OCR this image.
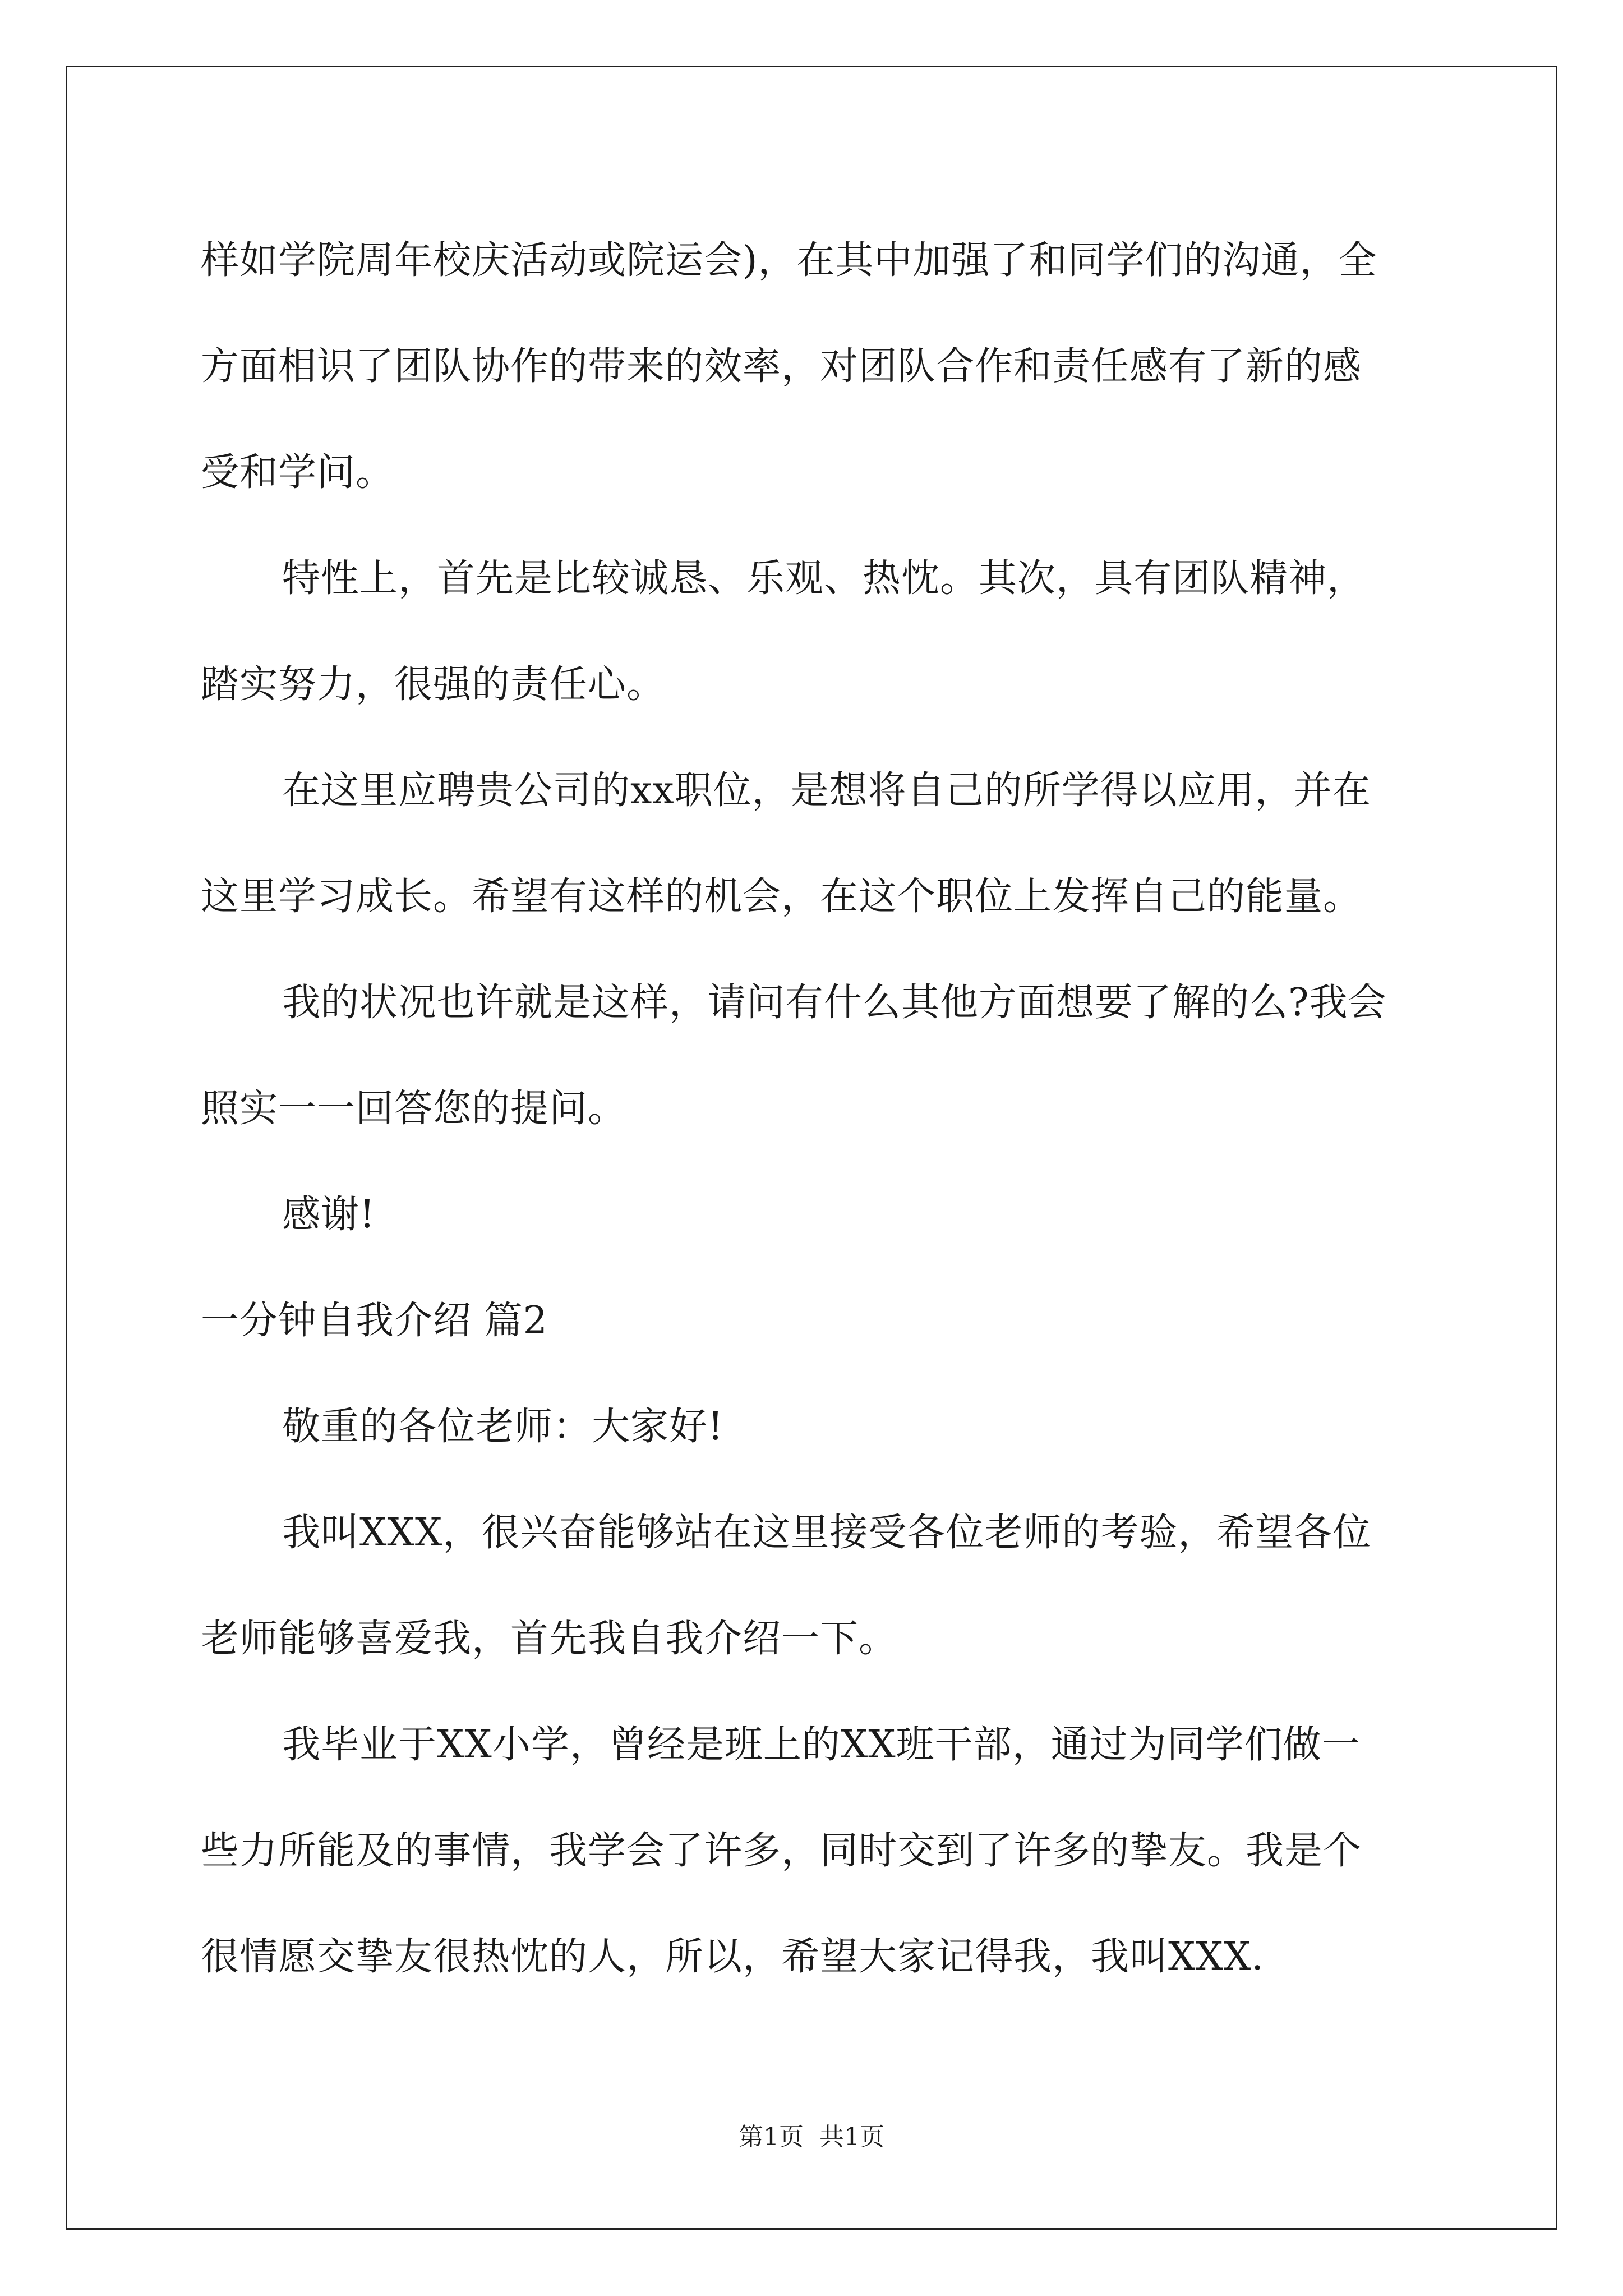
样如学院周年校庆活动或院运会)，在其中加强了和同学们的沟通，全

方面相识了团队协作的带来的效率，对团队合作和责任感有了新的感

受和学问。

特性上，首先是比较诚恳、乐观、热忱。其次，具有团队精神，

踏实努力，很强的责任心。

在这里应聘贵公司的xx职位，是想将自己的所学得以应用，并在

这里学习成长。希望有这样的机会，在这个职位上发挥自己的能量。

我的状况也许就是这样，请问有什么其他方面想要了解的么?我会

照实一一回答您的提问。

感谢!

一分钟自我介绍 篇2

敬重的各位老师：大家好!

我叫XXX，很兴奋能够站在这里接受各位老师的考验，希望各位

老师能够喜爱我，首先我自我介绍一下。

我毕业于XX小学，曾经是班上的XX班干部，通过为同学们做一

些力所能及的事情，我学会了许多，同时交到了许多的挚友。我是个

很情愿交挚友很热忱的人，所以，希望大家记得我，我叫XXX.

第1页 共1页
